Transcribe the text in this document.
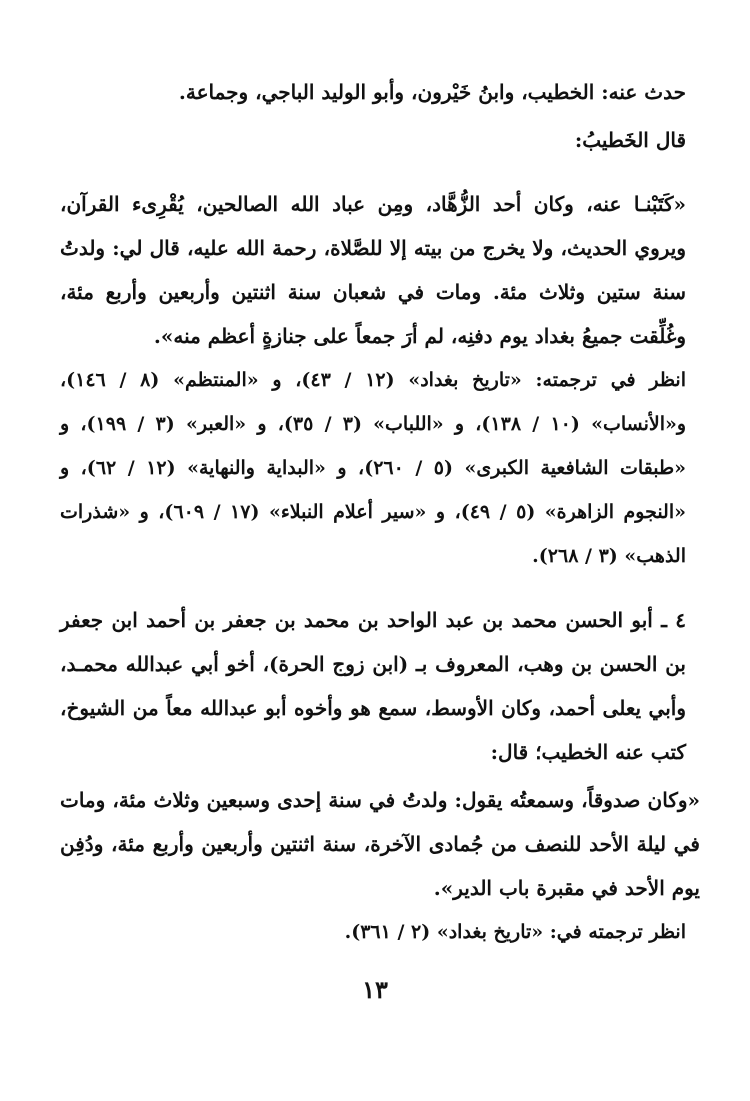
حدث عنه: الخطيب، وابنُ خَيْرون، وأبو الوليد الباجي، وجماعة.

قال الخَطيبُ:

«كَتَبْنـا عنه، وكان أحد الزُّهَّاد، ومِن عباد الله الصالحين، يُقْرِىء القرآن، ويروي الحديث، ولا يخرج من بيته إلا للصَّلاة، رحمة الله عليه، قال لي: ولدتُ سنة ستين وثلاث مئة. ومات في شعبان سنة اثنتين وأربعين وأربع مئة، وغُلِّقت جميعُ بغداد يوم دفنِه، لم أرَ جمعاً على جنازةٍ أعظم منه».

انظر في ترجمته: «تاريخ بغداد» (١٢ / ٤٣)، و «المنتظم» (٨ / ١٤٦)، و«الأنساب» (١٠ / ١٣٨)، و «اللباب» (٣ / ٣٥)، و «العبر» (٣ / ١٩٩)، و «طبقات الشافعية الكبرى» (٥ / ٢٦٠)، و «البداية والنهاية» (١٢ / ٦٢)، و «النجوم الزاهرة» (٥ / ٤٩)، و «سير أعلام النبلاء» (١٧ / ٦٠٩)، و «شذرات الذهب» (٣ / ٢٦٨).

٤ ـ أبو الحسن محمد بن عبد الواحد بن محمد بن جعفر بن أحمد ابن جعفر بن الحسن بن وهب، المعروف بـ (ابن زوج الحرة)، أخو أبي عبدالله محمـد، وأبي يعلى أحمد، وكان الأوسط، سمع هو وأخوه أبو عبدالله معاً من الشيوخ، كتب عنه الخطيب؛ قال:

«وكان صدوقاً، وسمعتُه يقول: ولدتُ في سنة إحدى وسبعين وثلاث مئة، ومات في ليلة الأحد للنصف من جُمادى الآخرة، سنة اثنتين وأربعين وأربع مئة، ودُفِن يوم الأحد في مقبرة باب الدير».

انظر ترجمته في: «تاريخ بغداد» (٢ / ٣٦١).

١٣
